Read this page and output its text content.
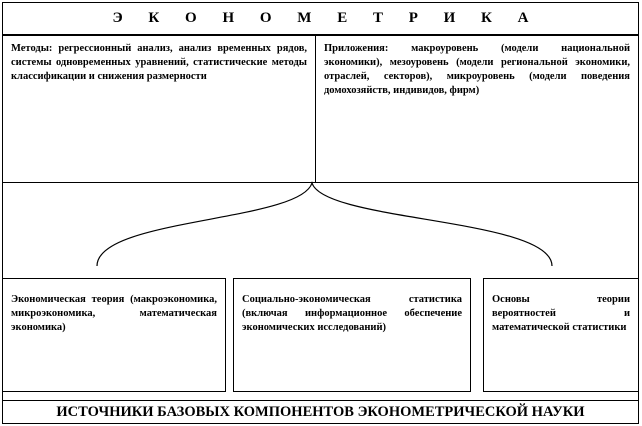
Э К О Н О М Е Т Р И К А

Методы: регрессионный анализ, анализ временных рядов, системы одновременных уравнений, статистические методы классификации и снижения размерности

Приложения: макроуровень (модели национальной экономики), мезоуровень (модели региональной экономики, отраслей, секторов), микроуровень (модели поведения домохозяйств, индивидов, фирм)

Экономическая теория (макроэкономика, микроэкономика, математическая экономика)

Социально-экономическая статистика (включая информационное обеспечение экономических исследований)

Основы теории вероятностей и математической статистики

ИСТОЧНИКИ БАЗОВЫХ КОМПОНЕНТОВ ЭКОНОМЕТРИЧЕСКОЙ НАУКИ
